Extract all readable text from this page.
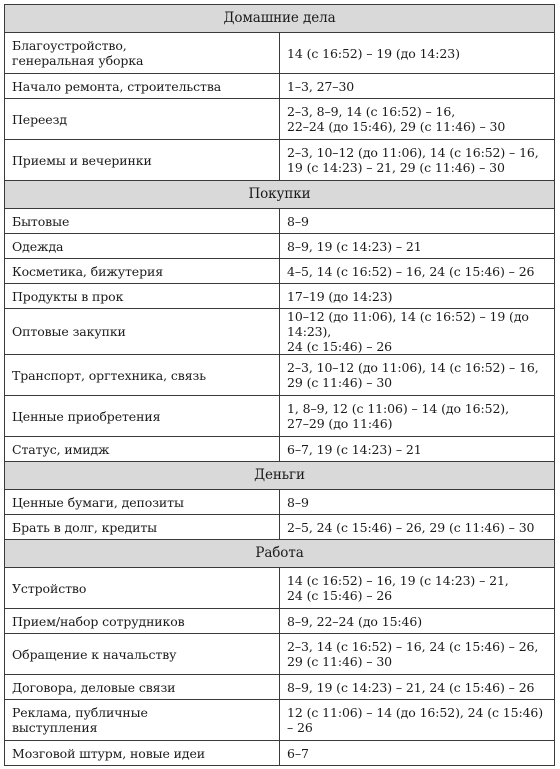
Домашние дела	
Благоустройство,
генеральная уборка	14 (с 16:52) – 19 (до 14:23)
Начало ремонта, строительства	1–3, 27–30
Переезд	2–3, 8–9, 14 (с 16:52) – 16,
22–24 (до 15:46), 29 (с 11:46) – 30
Приемы и вечеринки	2–3, 10–12 (до 11:06), 14 (с 16:52) – 16,
19 (с 14:23) – 21, 29 (с 11:46) – 30
Покупки	
Бытовые	8–9
Одежда	8–9, 19 (с 14:23) – 21
Косметика, бижутерия	4–5, 14 (с 16:52) – 16, 24 (с 15:46) – 26
Продукты в прок	17–19 (до 14:23)
Оптовые закупки	10–12 (до 11:06), 14 (с 16:52) – 19 (до 14:23),
24 (с 15:46) – 26
Транспорт, оргтехника, связь	2–3, 10–12 (до 11:06), 14 (с 16:52) – 16,
29 (с 11:46) – 30
Ценные приобретения	1, 8–9, 12 (с 11:06) – 14 (до 16:52),
27–29 (до 11:46)
Статус, имидж	6–7, 19 (с 14:23) – 21
Деньги	
Ценные бумаги, депозиты	8–9
Брать в долг, кредиты	2–5, 24 (с 15:46) – 26, 29 (с 11:46) – 30
Работа	
Устройство	14 (с 16:52) – 16, 19 (с 14:23) – 21,
24 (с 15:46) – 26
Прием/набор сотрудников	8–9, 22–24 (до 15:46)
Обращение к начальству	2–3, 14 (с 16:52) – 16, 24 (с 15:46) – 26,
29 (с 11:46) – 30
Договора, деловые связи	8–9, 19 (с 14:23) – 21, 24 (с 15:46) – 26
Реклама, публичные
выступления	12 (с 11:06) – 14 (до 16:52), 24 (с 15:46) – 26
Мозговой штурм, новые идеи	6–7
